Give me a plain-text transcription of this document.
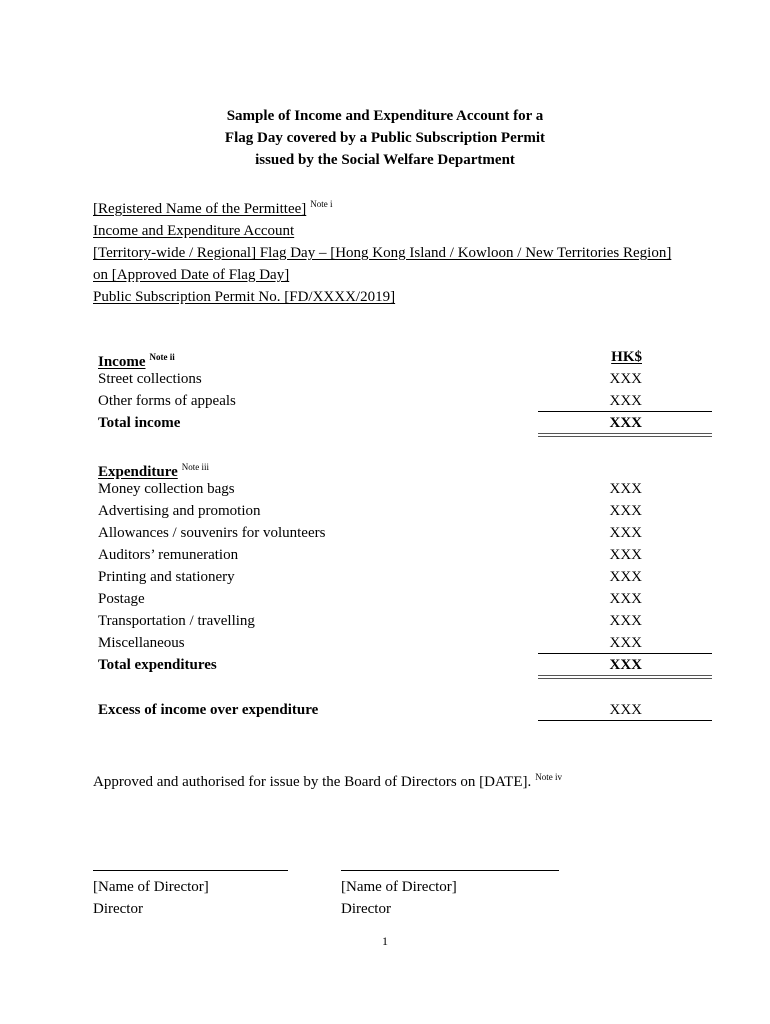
Sample of Income and Expenditure Account for a
Flag Day covered by a Public Subscription Permit
issued by the Social Welfare Department
[Registered Name of the Permittee] $^{Note i}$
Income and Expenditure Account
[Territory-wide / Regional] Flag Day – [Hong Kong Island / Kowloon / New Territories Region]
on [Approved Date of Flag Day]
Public Subscription Permit No. [FD/XXXX/2019]
Income $^{Note ii}$	HK$
Street collections	XXX
Other forms of appeals	XXX
Total income	XXX
Expenditure $^{Note iii}$
Money collection bags	XXX
Advertising and promotion	XXX
Allowances / souvenirs for volunteers	XXX
Auditors’ remuneration	XXX
Printing and stationery	XXX
Postage	XXX
Transportation / travelling	XXX
Miscellaneous	XXX
Total expenditures	XXX
Excess of income over expenditure	XXX
Approved and authorised for issue by the Board of Directors on [DATE]. $^{Note iv}$
[Name of Director]
Director
[Name of Director]
Director
1
